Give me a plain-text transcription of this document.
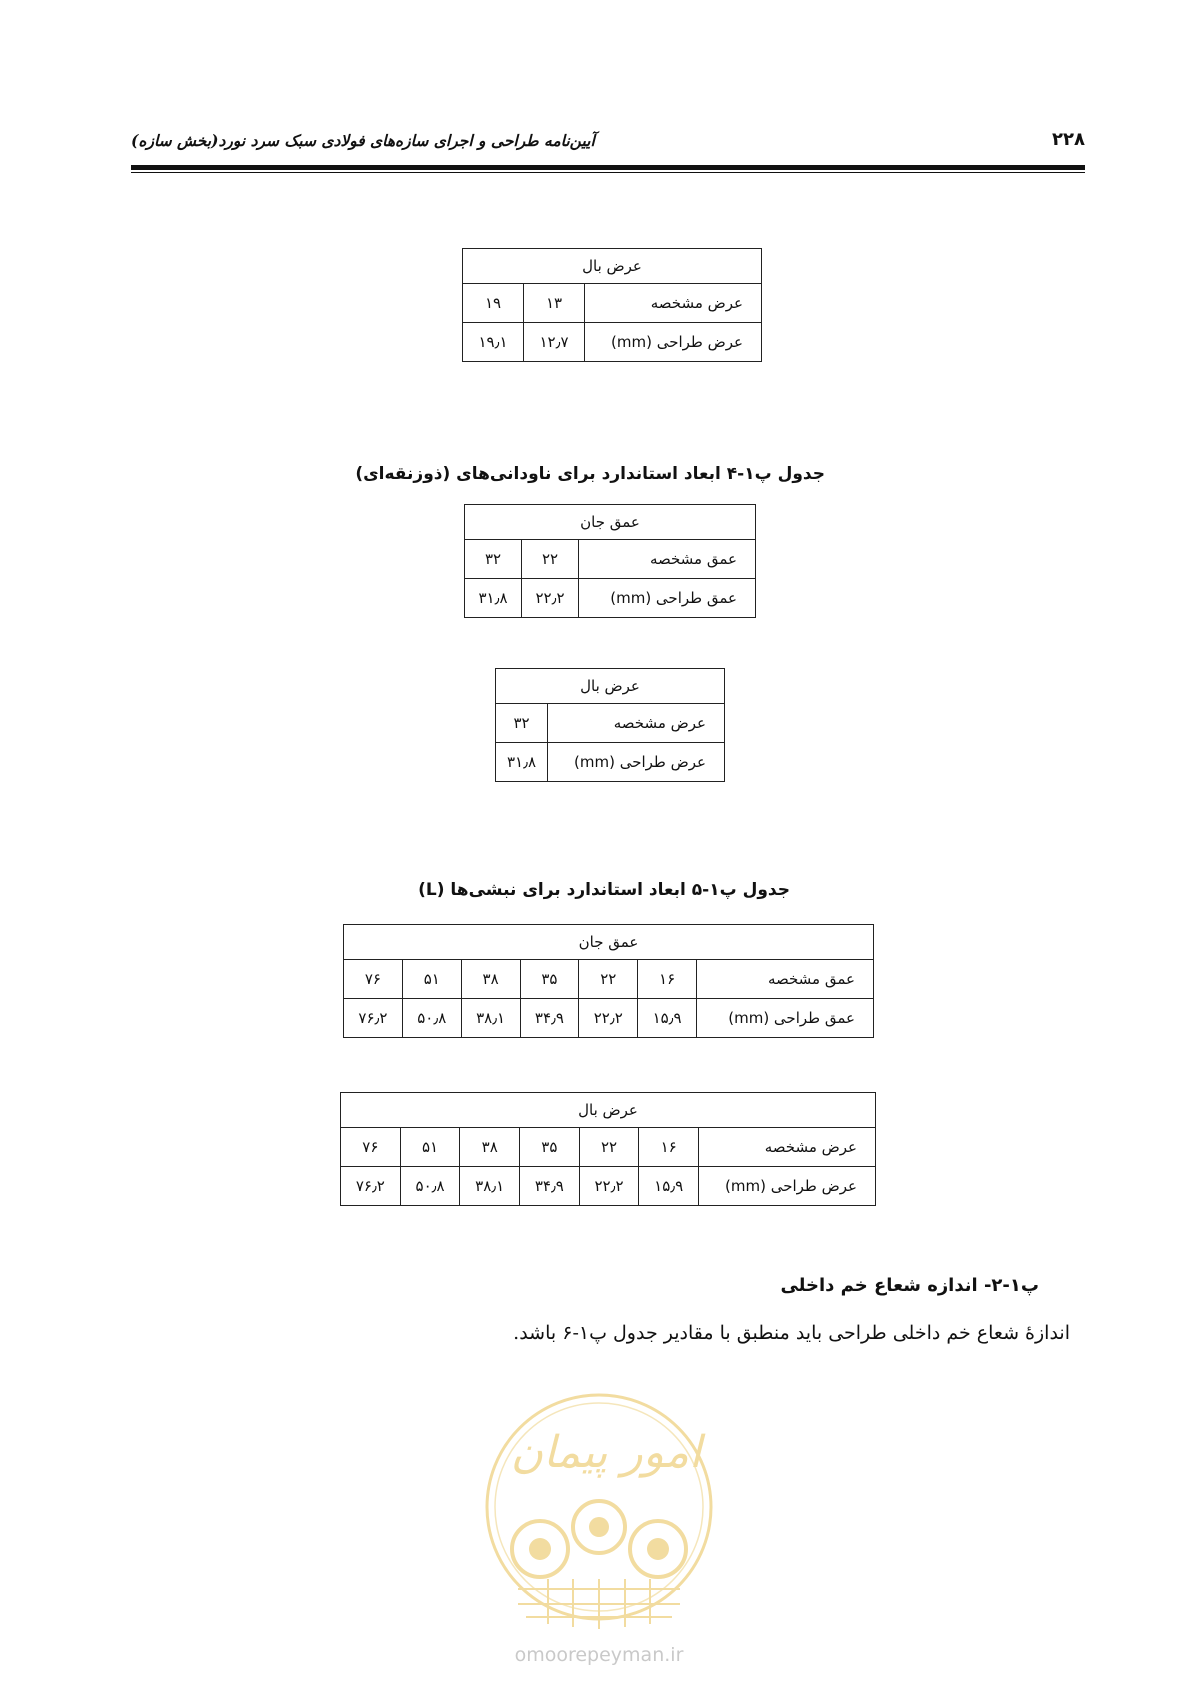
۲۲۸
آیین‌نامه طراحی و اجرای سازه‌های فولادی سبک سرد نورد(بخش سازه)
عرض بال		
عرض مشخصه	۱۳	۱۹
عرض طراحی (mm)	۱۲٫۷	۱۹٫۱
جدول پ۱-۴ ابعاد استاندارد برای ناودانی‌های (ذوزنقه‌ای)
عمق جان		
عمق مشخصه	۲۲	۳۲
عمق طراحی (mm)	۲۲٫۲	۳۱٫۸
عرض بال	
عرض مشخصه	۳۲
عرض طراحی (mm)	۳۱٫۸
جدول پ۱-۵ ابعاد استاندارد برای نبشی‌ها (L)
عمق جان						
عمق مشخصه	۱۶	۲۲	۳۵	۳۸	۵۱	۷۶
عمق طراحی (mm)	۱۵٫۹	۲۲٫۲	۳۴٫۹	۳۸٫۱	۵۰٫۸	۷۶٫۲
عرض بال						
عرض مشخصه	۱۶	۲۲	۳۵	۳۸	۵۱	۷۶
عرض طراحی (mm)	۱۵٫۹	۲۲٫۲	۳۴٫۹	۳۸٫۱	۵۰٫۸	۷۶٫۲
پ۱-۲- اندازه شعاع خم داخلی
اندازۀ شعاع خم داخلی طراحی باید منطبق با مقادیر جدول پ۱-۶ باشد.
امور پیمان
omoorepeyman.ir
